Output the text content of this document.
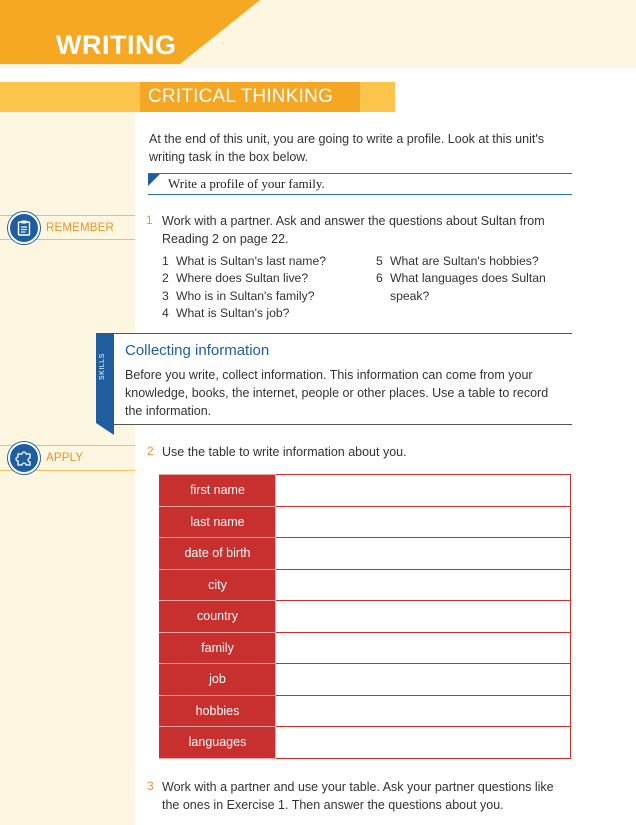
WRITING
CRITICAL THINKING
At the end of this unit, you are going to write a profile. Look at this unit's
writing task in the box below.
Write a profile of your family.
REMEMBER
1 Work with a partner. Ask and answer the questions about Sultan from
Reading 2 on page 22.
1 What is Sultan's last name?
2 Where does Sultan live?
3 Who is in Sultan's family?
4 What is Sultan's job?
5 What are Sultan's hobbies?
6 What languages does Sultan
speak?
SKILLS
Collecting information
Before you write, collect information. This information can come from your
knowledge, books, the internet, people or other places. Use a table to record
the information.
APPLY	2 Use the table to write information about you.
first name	
last name	
date of birth	
city	
country	
family	
job	
hobbies	
languages	
3 Work with a partner and use your table. Ask your partner questions like
the ones in Exercise 1. Then answer the questions about you.
